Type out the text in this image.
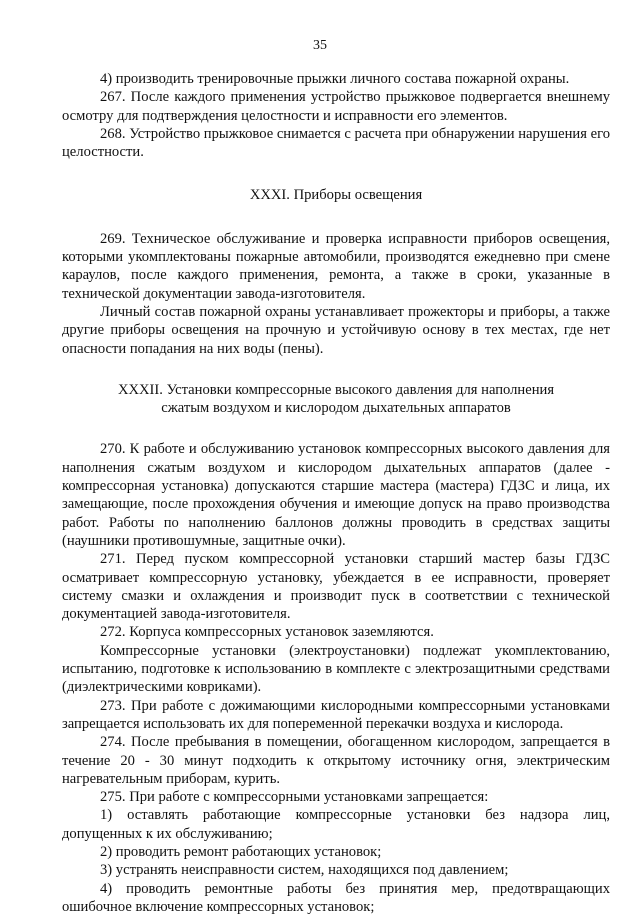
35

4) производить тренировочные прыжки личного состава пожарной охраны.

267. После каждого применения устройство прыжковое подвергается внешнему осмотру для подтверждения целостности и исправности его элементов.

268. Устройство прыжковое снимается с расчета при обнаружении нарушения его целостности.

XXXI. Приборы освещения

269. Техническое обслуживание и проверка исправности приборов освещения, которыми укомплектованы пожарные автомобили, производятся ежедневно при смене караулов, после каждого применения, ремонта, а также в сроки, указанные в технической документации завода-изготовителя.

Личный состав пожарной охраны устанавливает прожекторы и приборы, а также другие приборы освещения на прочную и устойчивую основу в тех местах, где нет опасности попадания на них воды (пены).

XXXII. Установки компрессорные высокого давления для наполнения
сжатым воздухом и кислородом дыхательных аппаратов

270. К работе и обслуживанию установок компрессорных высокого давления для наполнения сжатым воздухом и кислородом дыхательных аппаратов (далее - компрессорная установка) допускаются старшие мастера (мастера) ГДЗС и лица, их замещающие, после прохождения обучения и имеющие допуск на право производства работ. Работы по наполнению баллонов должны проводить в средствах защиты (наушники противошумные, защитные очки).

271. Перед пуском компрессорной установки старший мастер базы ГДЗС осматривает компрессорную установку, убеждается в ее исправности, проверяет систему смазки и охлаждения и производит пуск в соответствии с технической документацией завода-изготовителя.

272. Корпуса компрессорных установок заземляются.

Компрессорные установки (электроустановки) подлежат укомплектованию, испытанию, подготовке к использованию в комплекте с электрозащитными средствами (диэлектрическими ковриками).

273. При работе с дожимающими кислородными компрессорными установками запрещается использовать их для попеременной перекачки воздуха и кислорода.

274. После пребывания в помещении, обогащенном кислородом, запрещается в течение 20 - 30 минут подходить к открытому источнику огня, электрическим нагревательным приборам, курить.

275. При работе с компрессорными установками запрещается:

1) оставлять работающие компрессорные установки без надзора лиц, допущенных к их обслуживанию;

2) проводить ремонт работающих установок;

3) устранять неисправности систем, находящихся под давлением;

4) проводить ремонтные работы без принятия мер, предотвращающих ошибочное включение компрессорных установок;
